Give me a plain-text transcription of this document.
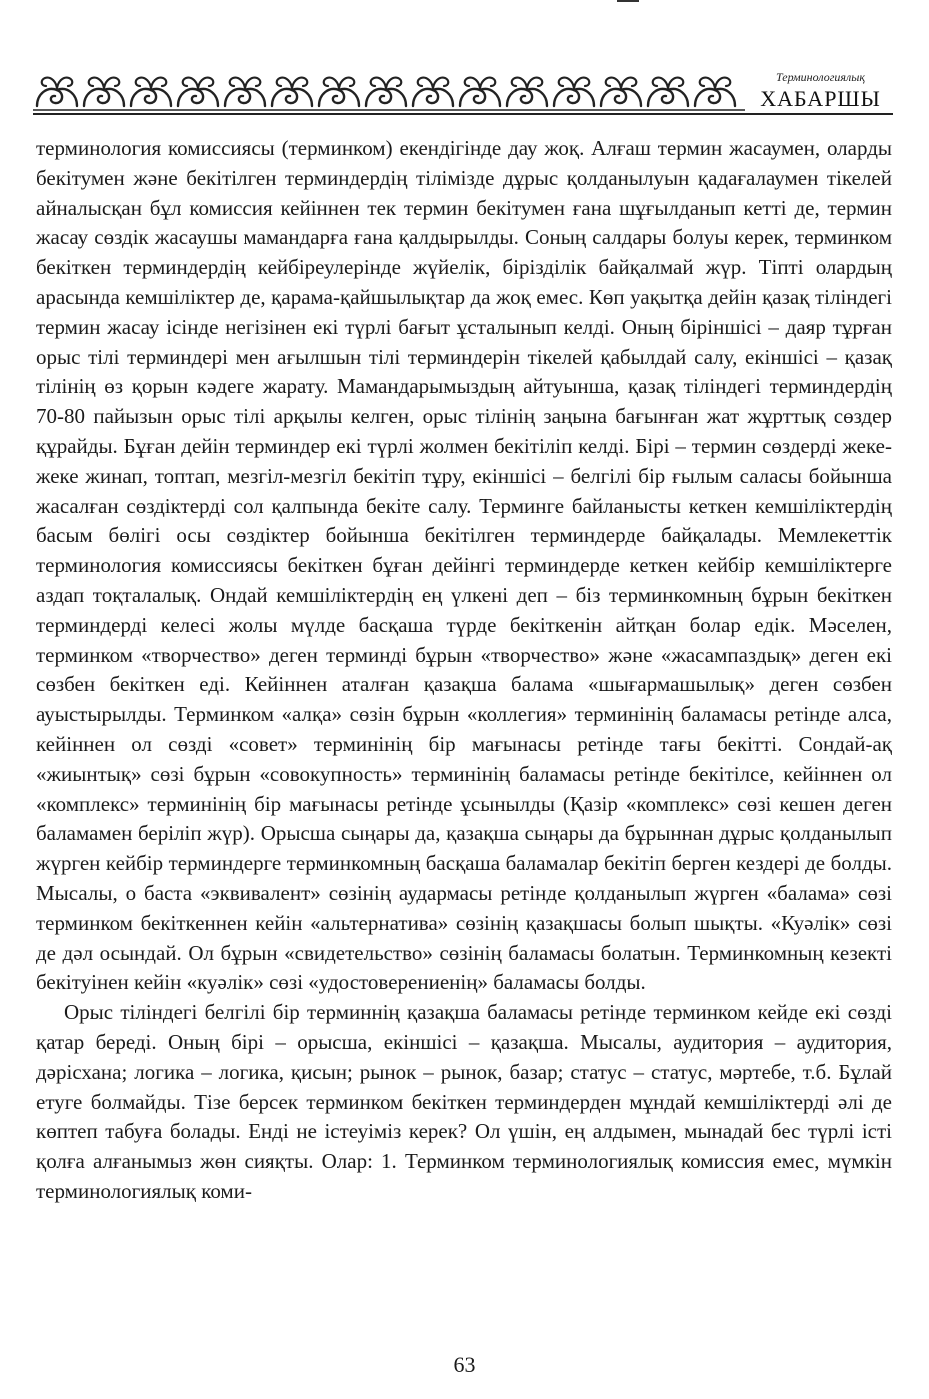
Терминологиялық
ХАБАРШЫ

терминология комиссиясы (терминком) екендігінде дау жоқ. Алғаш термин жасаумен, оларды бекітумен және бекітілген терминдердің тілімізде дұрыс қолданылуын қадағалаумен тікелей айналысқан бұл комиссия кейіннен тек термин бекітумен ғана шұғылданып кетті де, термин жасау сөздік жасаушы мамандарға ғана қалдырылды. Соның салдары болуы керек, терминком бекіткен терминдердің кейбіреулерінде жүйелік, бірізділік байқалмай жүр. Тіпті олардың арасында кемшіліктер де, қарама-қайшылықтар да жоқ емес. Көп уақытқа дейін қазақ тіліндегі термин жасау ісінде негізінен екі түрлі бағыт ұсталынып келді. Оның біріншісі – даяр тұрған орыс тілі терминдері мен ағылшын тілі терминдерін тікелей қабылдай салу, екіншісі – қазақ тілінің өз қорын кәдеге жарату. Мамандарымыздың айтуынша, қазақ тіліндегі терминдердің 70-80 пайызын орыс тілі арқылы келген, орыс тілінің заңына бағынған жат жұрттық сөздер құрайды. Бұған дейін терминдер екі түрлі жолмен бекітіліп келді. Бірі – термин сөздерді жеке-жеке жинап, топтап, мезгіл-мезгіл бекітіп тұру, екіншісі – белгілі бір ғылым саласы бойынша жасалған сөздіктерді сол қалпында бекіте салу. Терминге байланысты кеткен кемшіліктердің басым бөлігі осы сөздіктер бойынша бекітілген терминдерде байқалады. Мемлекеттік терминология комиссиясы бекіткен бұған дейінгі терминдерде кеткен кейбір кемшіліктерге аздап тоқталалық. Ондай кемшіліктердің ең үлкені деп – біз терминкомның бұрын бекіткен терминдерді келесі жолы мүлде басқаша түрде бекіткенін айтқан болар едік. Мәселен, терминком «творчество» деген терминді бұрын «творчество» және «жасампаздық» деген екі сөзбен бекіткен еді. Кейіннен аталған қазақша балама «шығармашылық» деген сөзбен ауыстырылды. Терминком «алқа» сөзін бұрын «коллегия» терминінің баламасы ретінде алса, кейіннен ол сөзді «совет» терминінің бір мағынасы ретінде тағы бекітті. Сондай-ақ «жиынтық» сөзі бұрын «совокупность» терминінің баламасы ретінде бекітілсе, кейіннен ол «комплекс» терминінің бір мағынасы ретінде ұсынылды (Қазір «комплекс» сөзі кешен деген баламамен беріліп жүр). Орысша сыңары да, қазақша сыңары да бұрыннан дұрыс қолданылып жүрген кейбір терминдерге терминкомның басқаша баламалар бекітіп берген кездері де болды. Мысалы, о баста «эквивалент» сөзінің аудармасы ретінде қолданылып жүрген «балама» сөзі терминком бекіткеннен кейін «альтернатива» сөзінің қазақшасы болып шықты. «Куәлік» сөзі де дәл осындай. Ол бұрын «свидетельство» сөзінің баламасы болатын. Терминкомның кезекті бекітуінен кейін «куәлік» сөзі «удостоверениенің» баламасы болды.

Орыс тіліндегі белгілі бір терминнің қазақша баламасы ретінде терминком кейде екі сөзді қатар береді. Оның бірі – орысша, екіншісі – қазақша. Мысалы, аудитория – аудитория, дәрісхана; логика – логика, қисын; рынок – рынок, базар; статус – статус, мәртебе, т.б. Бұлай етуге болмайды. Тізе берсек терминком бекіткен терминдерден мұндай кемшіліктерді әлі де көптеп табуға болады. Енді не істеуіміз керек? Ол үшін, ең алдымен, мынадай бес түрлі істі қолға алғанымыз жөн сияқты. Олар: 1. Терминком терминологиялық комиссия емес, мүмкін терминологиялық коми-

63
